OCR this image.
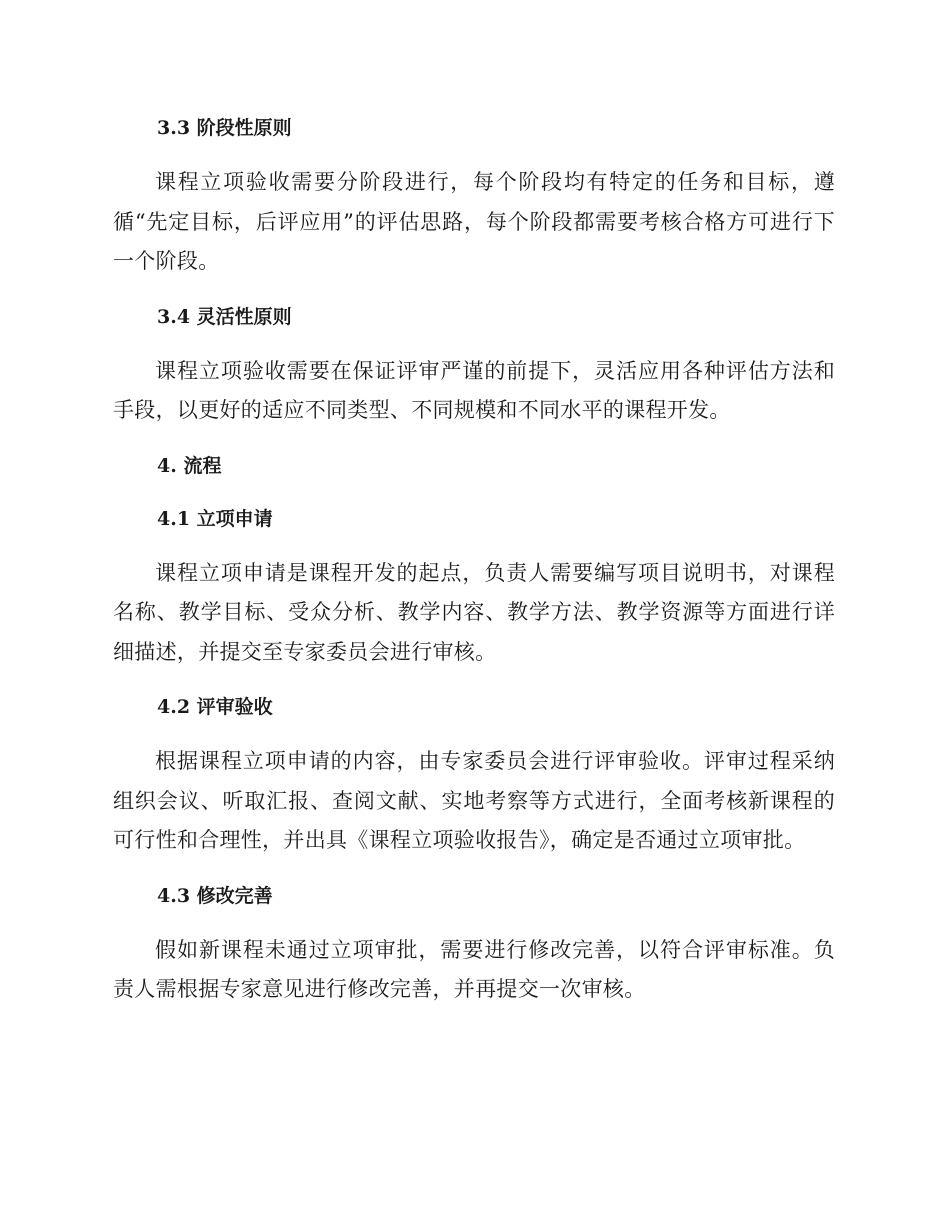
3.3 阶段性原则

课程立项验收需要分阶段进行，每个阶段均有特定的任务和目标，遵循“先定目标，后评应用”的评估思路，每个阶段都需要考核合格方可进行下一个阶段。

3.4 灵活性原则

课程立项验收需要在保证评审严谨的前提下，灵活应用各种评估方法和手段，以更好的适应不同类型、不同规模和不同水平的课程开发。

4. 流程
4.1 立项申请

课程立项申请是课程开发的起点，负责人需要编写项目说明书，对课程名称、教学目标、受众分析、教学内容、教学方法、教学资源等方面进行详细描述，并提交至专家委员会进行审核。

4.2 评审验收

根据课程立项申请的内容，由专家委员会进行评审验收。评审过程采纳组织会议、听取汇报、查阅文献、实地考察等方式进行，全面考核新课程的可行性和合理性，并出具《课程立项验收报告》，确定是否通过立项审批。

4.3 修改完善

假如新课程未通过立项审批，需要进行修改完善，以符合评审标准。负责人需根据专家意见进行修改完善，并再提交一次审核。
